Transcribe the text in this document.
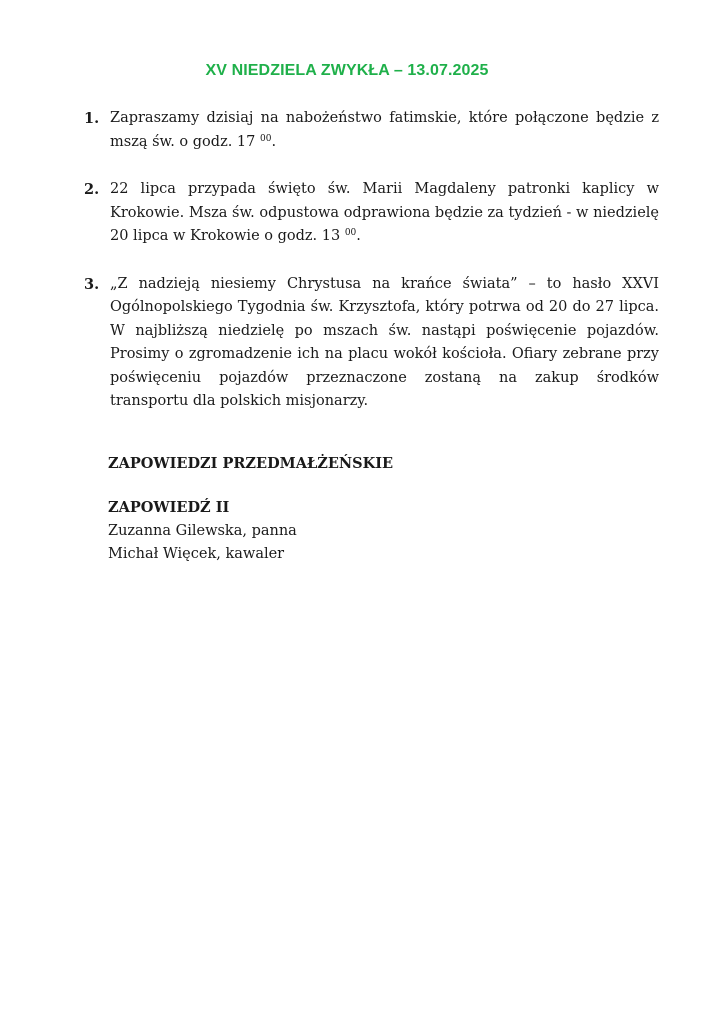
XV NIEDZIELA ZWYKŁA – 13.07.2025
1. Zapraszamy dzisiaj na nabożeństwo fatimskie, które połączone będzie z mszą św. o godz. 17 $^{00}$.
2. 22 lipca przypada święto św. Marii Magdaleny patronki kaplicy w Krokowie. Msza św. odpustowa odprawiona będzie za tydzień - w niedzielę 20 lipca w Krokowie o godz. 13 $^{00}$.
3. „Z nadzieją niesiemy Chrystusa na krańce świata” – to hasło XXVI Ogólnopolskiego Tygodnia św. Krzysztofa, który potrwa od 20 do 27 lipca. W najbliższą niedzielę po mszach św. nastąpi poświęcenie pojazdów. Prosimy o zgromadzenie ich na placu wokół kościoła. Ofiary zebrane przy poświęceniu pojazdów przeznaczone zostaną na zakup środków transportu dla polskich misjonarzy.
ZAPOWIEDZI PRZEDMAŁŻEŃSKIE
ZAPOWIEDŹ II
Zuzanna Gilewska, panna
Michał Więcek, kawaler
